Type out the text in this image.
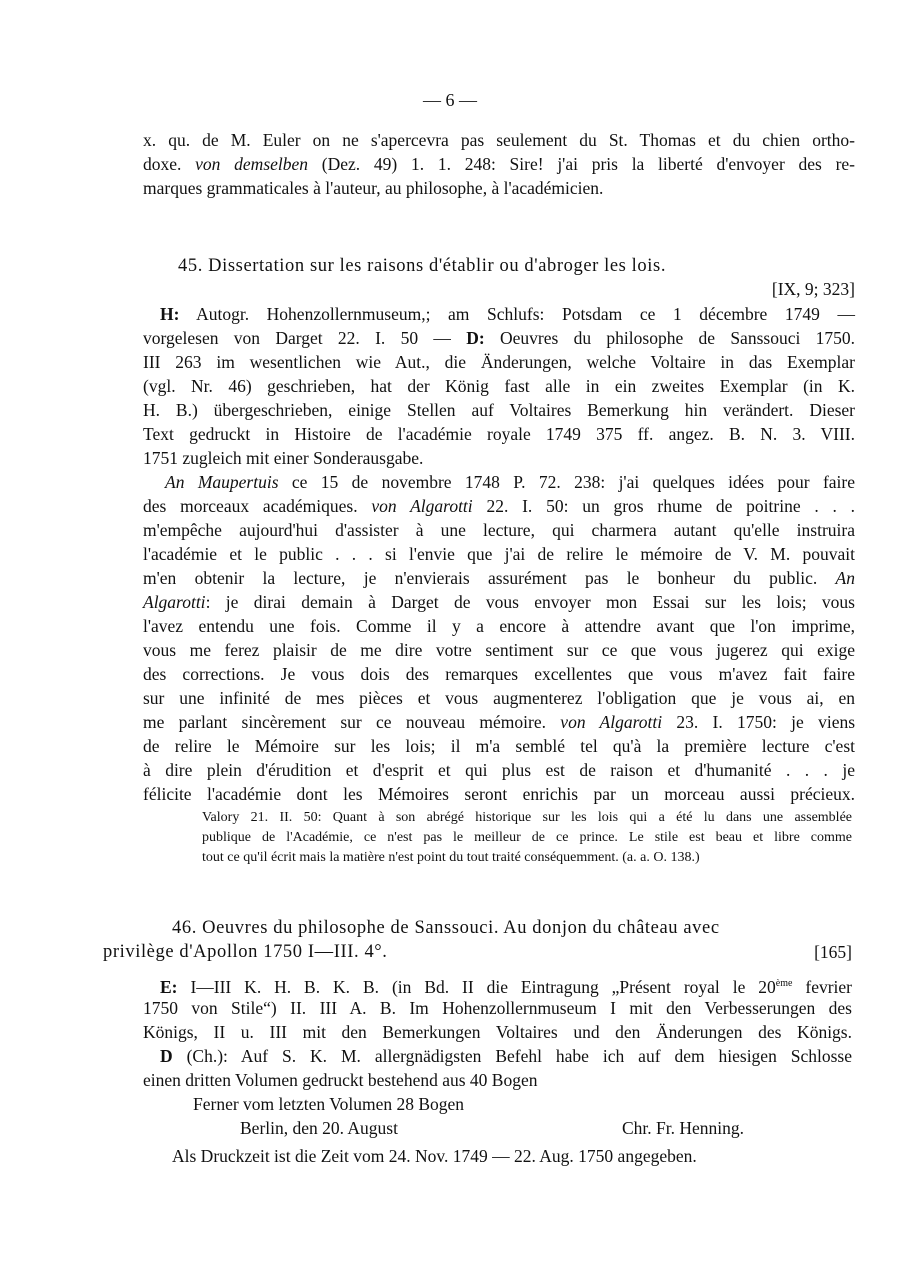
— 6 —
x. qu. de M. Euler on ne s'apercevra pas seulement du St. Thomas et du chien ortho-
doxe. von demselben (Dez. 49) 1. 1. 248: Sire! j'ai pris la liberté d'envoyer des re-
marques grammaticales à l'auteur, au philosophe, à l'académicien.
45. Dissertation sur les raisons d'établir ou d'abroger les lois.
[IX, 9; 323]
H: Autogr. Hohenzollernmuseum,; am Schlufs: Potsdam ce 1 décembre 1749 —
vorgelesen von Darget 22. I. 50 — D: Oeuvres du philosophe de Sanssouci 1750.
III 263 im wesentlichen wie Aut., die Änderungen, welche Voltaire in das Exemplar
(vgl. Nr. 46) geschrieben, hat der König fast alle in ein zweites Exemplar (in K.
H. B.) übergeschrieben, einige Stellen auf Voltaires Bemerkung hin verändert. Dieser
Text gedruckt in Histoire de l'académie royale 1749 375 ff. angez. B. N. 3. VIII.
1751 zugleich mit einer Sonderausgabe.
An Maupertuis ce 15 de novembre 1748 P. 72. 238: j'ai quelques idées pour faire
des morceaux académiques. von Algarotti 22. I. 50: un gros rhume de poitrine . . .
m'empêche aujourd'hui d'assister à une lecture, qui charmera autant qu'elle instruira
l'académie et le public . . . si l'envie que j'ai de relire le mémoire de V. M. pouvait
m'en obtenir la lecture, je n'envierais assurément pas le bonheur du public. An
Algarotti: je dirai demain à Darget de vous envoyer mon Essai sur les lois; vous
l'avez entendu une fois. Comme il y a encore à attendre avant que l'on imprime,
vous me ferez plaisir de me dire votre sentiment sur ce que vous jugerez qui exige
des corrections. Je vous dois des remarques excellentes que vous m'avez fait faire
sur une infinité de mes pièces et vous augmenterez l'obligation que je vous ai, en
me parlant sincèrement sur ce nouveau mémoire. von Algarotti 23. I. 1750: je viens
de relire le Mémoire sur les lois; il m'a semblé tel qu'à la première lecture c'est
à dire plein d'érudition et d'esprit et qui plus est de raison et d'humanité . . . je
félicite l'académie dont les Mémoires seront enrichis par un morceau aussi précieux.
Valory 21. II. 50: Quant à son abrégé historique sur les lois qui a été lu dans une assemblée
publique de l'Académie, ce n'est pas le meilleur de ce prince. Le stile est beau et libre comme
tout ce qu'il écrit mais la matière n'est point du tout traité conséquemment. (a. a. O. 138.)
46. Oeuvres du philosophe de Sanssouci. Au donjon du château avec
privilège d'Apollon 1750 I—III. 4°.	[165]
E: I—III K. H. B. K. B. (in Bd. II die Eintragung „Présent royal le 20ème fevrier
1750 von Stile“) II. III A. B. Im Hohenzollernmuseum I mit den Verbesserungen des
Königs, II u. III mit den Bemerkungen Voltaires und den Änderungen des Königs.
D (Ch.): Auf S. K. M. allergnädigsten Befehl habe ich auf dem hiesigen Schlosse
einen dritten Volumen gedruckt bestehend aus 40 Bogen
Ferner vom letzten Volumen 28 Bogen
Berlin, den 20. August	Chr. Fr. Henning.
Als Druckzeit ist die Zeit vom 24. Nov. 1749 — 22. Aug. 1750 angegeben.
